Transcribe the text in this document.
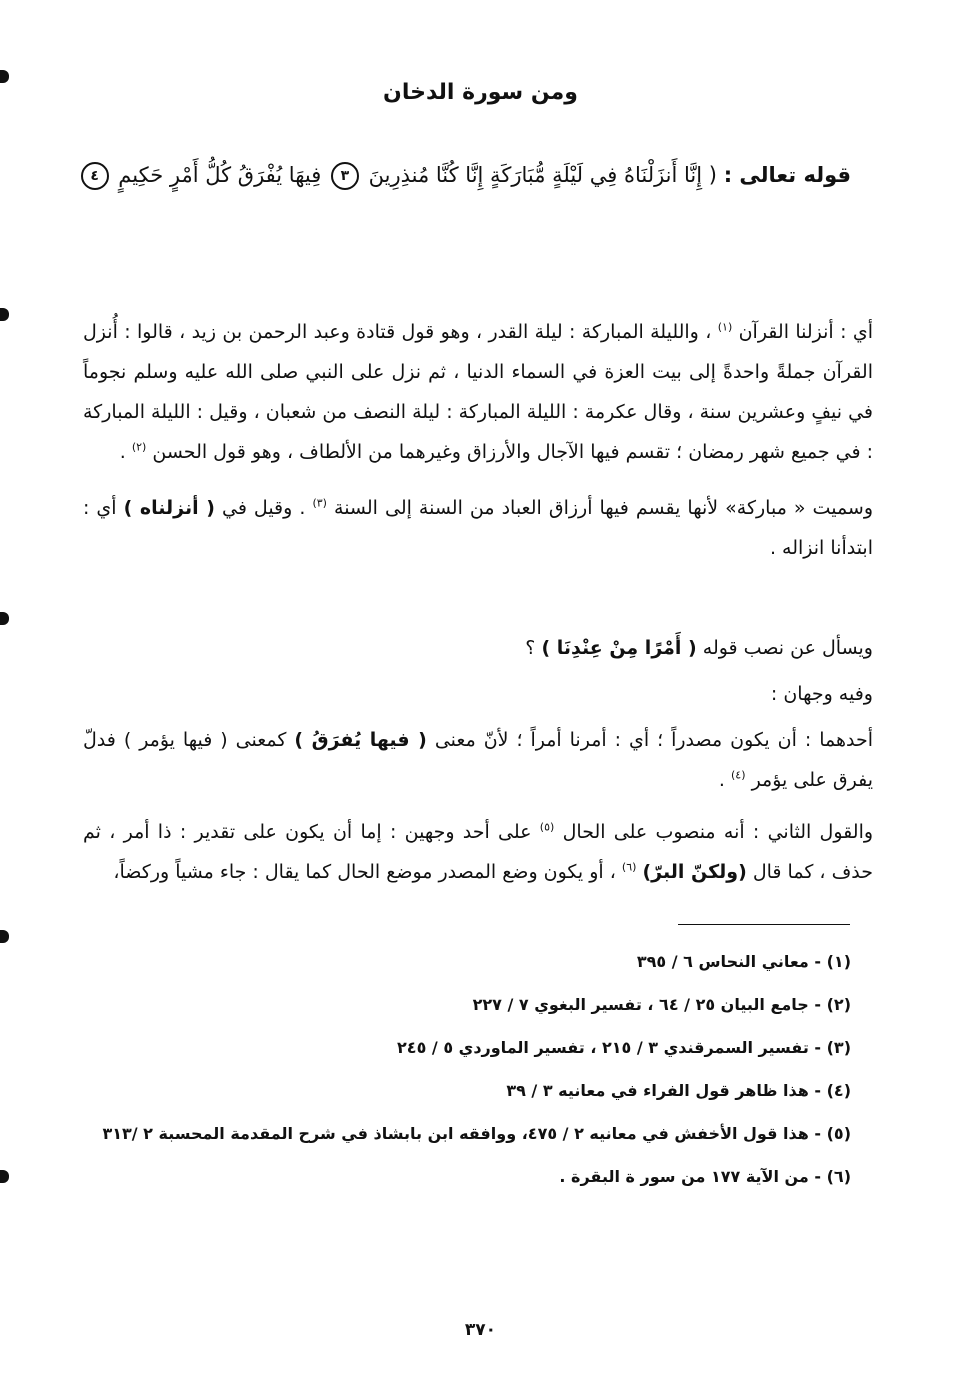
ومن سورة الدخان
قوله تعالى : ( إِنَّا أَنزَلْنَاهُ فِي لَيْلَةٍ مُّبَارَكَةٍ إِنَّا كُنَّا مُنذِرِينَ ٣ فِيهَا يُفْرَقُ كُلُّ أَمْرٍ حَكِيمٍ ٤
أي : أنزلنا القرآن $^{(١)}$ ، والليلة المباركة : ليلة القدر ، وهو قول قتادة وعبد الرحمن بن زيد ، قالوا : أُنزل القرآن جملةً واحدةً إلى بيت العزة في السماء الدنيا ، ثم نزل على النبي صلى الله عليه وسلم نجوماً في نيفٍ وعشرين سنة ، وقال عكرمة : الليلة المباركة : ليلة النصف من شعبان ، وقيل : الليلة المباركة : في جميع شهر رمضان ؛ تقسم فيها الآجال والأرزاق وغيرهما من الألطاف ، وهو قول الحسن $^{(٢)}$ .
وسميت « مباركة» لأنها يقسم فيها أرزاق العباد من السنة إلى السنة $^{(٣)}$ . وقيل في ( أنزلناه ) أي : ابتدأنا انزاله .
ويسأل عن نصب قوله ( أَمْرًا مِنْ عِنْدِنَا ) ؟
وفيه وجهان :
أحدهما : أن يكون مصدراً ؛ أي : أمرنا أمراً ؛ لأنّ معنى ( فيها يُفرَقُ ) كمعنى ( فيها يؤمر ) فدلّ يفرق على يؤمر $^{(٤)}$ .
والقول الثاني : أنه منصوب على الحال $^{(٥)}$ على أحد وجهين : إما أن يكون على تقدير : ذا أمر ، ثم حذف ، كما قال (ولكنّ البرّ) $^{(٦)}$ ، أو يكون وضع المصدر موضع الحال كما يقال : جاء مشياً وركضاً،
(١) - معاني النحاس ٦ / ٣٩٥
(٢) - جامع البيان ٢٥ / ٦٤ ، تفسير البغوي ٧ / ٢٢٧
(٣) - تفسير السمرقندي ٣ / ٢١٥ ، تفسير الماوردي ٥ / ٢٤٥
(٤) - هذا ظاهر قول الفراء في معانيه ٣ / ٣٩
(٥) - هذا قول الأخفش في معانيه ٢ / ٤٧٥، ووافقه ابن بابشاذ في شرح المقدمة المحسبة ٢ /٣١٣
(٦) - من الآية ١٧٧ من سور ة البقرة .
٣٧٠
